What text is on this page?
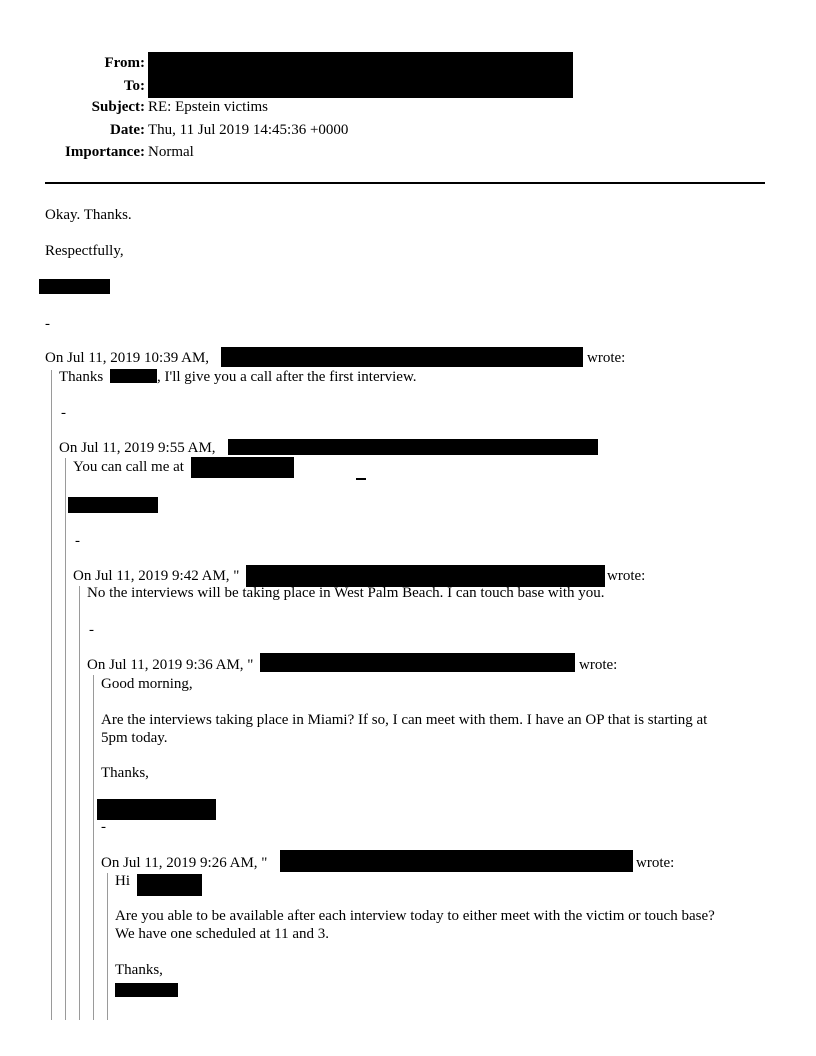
From:
To:
Subject: RE: Epstein victims
Date: Thu, 11 Jul 2019 14:45:36 +0000
Importance: Normal
Okay. Thanks.
Respectfully,
-
On Jul 11, 2019 10:39 AM,	wrote:
Thanks	, I'll give you a call after the first interview.
-
On Jul 11, 2019 9:55 AM,
You can call me at
-
On Jul 11, 2019 9:42 AM, "	wrote:
No the interviews will be taking place in West Palm Beach. I can touch base with you.
-
On Jul 11, 2019 9:36 AM, "	wrote:
Good morning,
Are the interviews taking place in Miami? If so, I can meet with them. I have an OP that is starting at
5pm today.
Thanks,
-
On Jul 11, 2019 9:26 AM, "	wrote:
Hi
Are you able to be available after each interview today to either meet with the victim or touch base?
We have one scheduled at 11 and 3.
Thanks,
